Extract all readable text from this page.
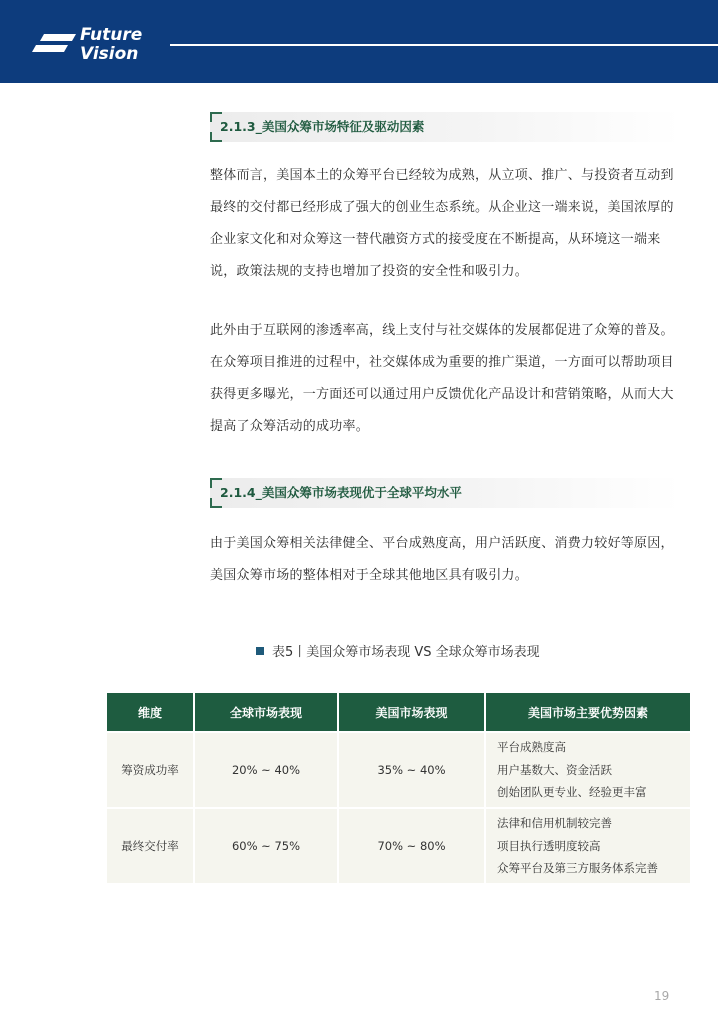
Future
Vision
2.1.3_美国众筹市场特征及驱动因素

整体而言，美国本土的众筹平台已经较为成熟，从立项、推广、与投资者互动到最终的交付都已经形成了强大的创业生态系统。从企业这一端来说，美国浓厚的企业家文化和对众筹这一替代融资方式的接受度在不断提高，从环境这一端来说，政策法规的支持也增加了投资的安全性和吸引力。

此外由于互联网的渗透率高，线上支付与社交媒体的发展都促进了众筹的普及。在众筹项目推进的过程中，社交媒体成为重要的推广渠道，一方面可以帮助项目获得更多曝光，一方面还可以通过用户反馈优化产品设计和营销策略，从而大大提高了众筹活动的成功率。

2.1.4_美国众筹市场表现优于全球平均水平

由于美国众筹相关法律健全、平台成熟度高，用户活跃度、消费力较好等原因，美国众筹市场的整体相对于全球其他地区具有吸引力。

表5丨美国众筹市场表现 VS 全球众筹市场表现
维度	全球市场表现	美国市场表现	美国市场主要优势因素
筹资成功率	20% ~ 40%	35% ~ 40%	平台成熟度高
用户基数大、资金活跃
创始团队更专业、经验更丰富

最终交付率	60% ~ 75%	70% ~ 80%	法律和信用机制较完善
项目执行透明度较高
众筹平台及第三方服务体系完善
19
